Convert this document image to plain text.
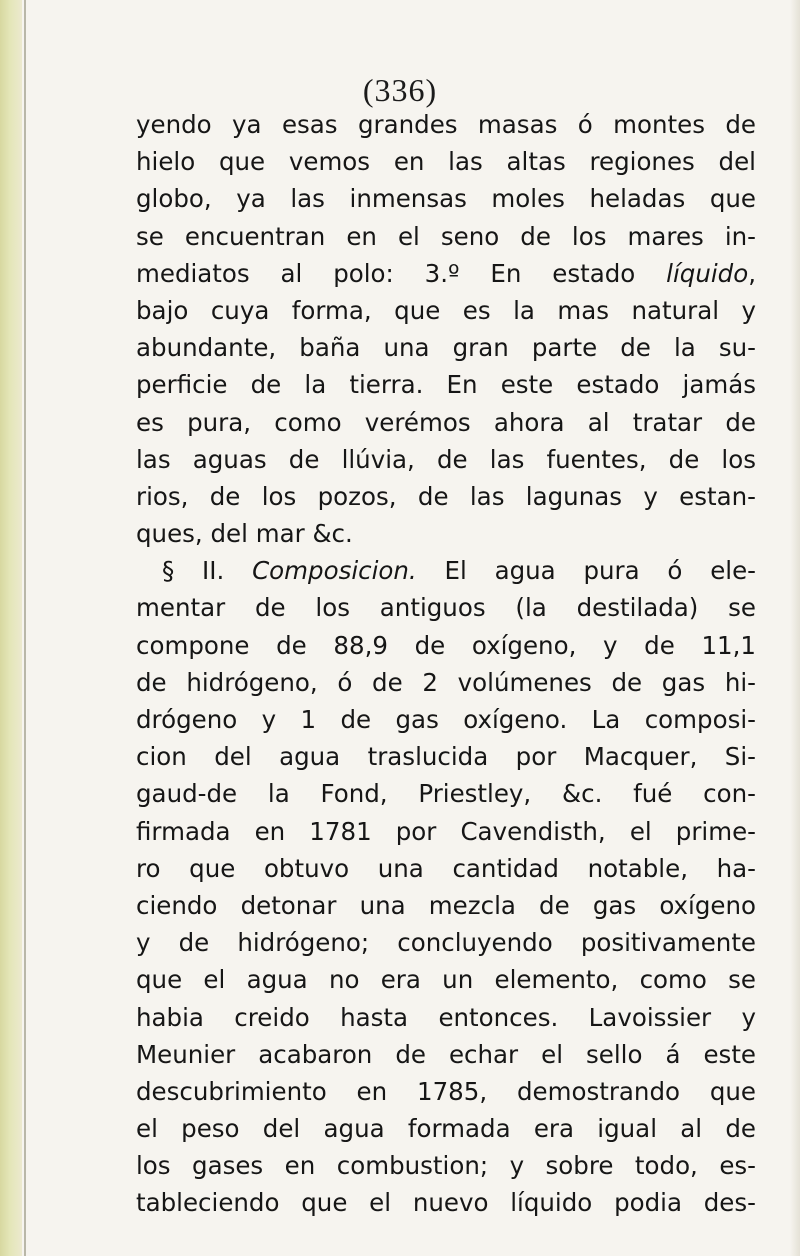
(336)
yendo ya esas grandes masas ó montes de
hielo que vemos en las altas regiones del
globo, ya las inmensas moles heladas que
se encuentran en el seno de los mares in-
mediatos al polo: 3.º En estado líquido,
bajo cuya forma, que es la mas natural y
abundante, baña una gran parte de la su-
perficie de la tierra. En este estado jamás
es pura, como verémos ahora al tratar de
las aguas de llúvia, de las fuentes, de los
rios, de los pozos, de las lagunas y estan-
ques, del mar &c.
§ II. Composicion. El agua pura ó ele-
mentar de los antiguos (la destilada) se
compone de 88,9 de oxígeno, y de 11,1
de hidrógeno, ó de 2 volúmenes de gas hi-
drógeno y 1 de gas oxígeno. La composi-
cion del agua traslucida por Macquer, Si-
gaud-de la Fond, Priestley, &c. fué con-
firmada en 1781 por Cavendisth, el prime-
ro que obtuvo una cantidad notable, ha-
ciendo detonar una mezcla de gas oxígeno
y de hidrógeno; concluyendo positivamente
que el agua no era un elemento, como se
habia creido hasta entonces. Lavoissier y
Meunier acabaron de echar el sello á este
descubrimiento en 1785, demostrando que
el peso del agua formada era igual al de
los gases en combustion; y sobre todo, es-
tableciendo que el nuevo líquido podia des-
